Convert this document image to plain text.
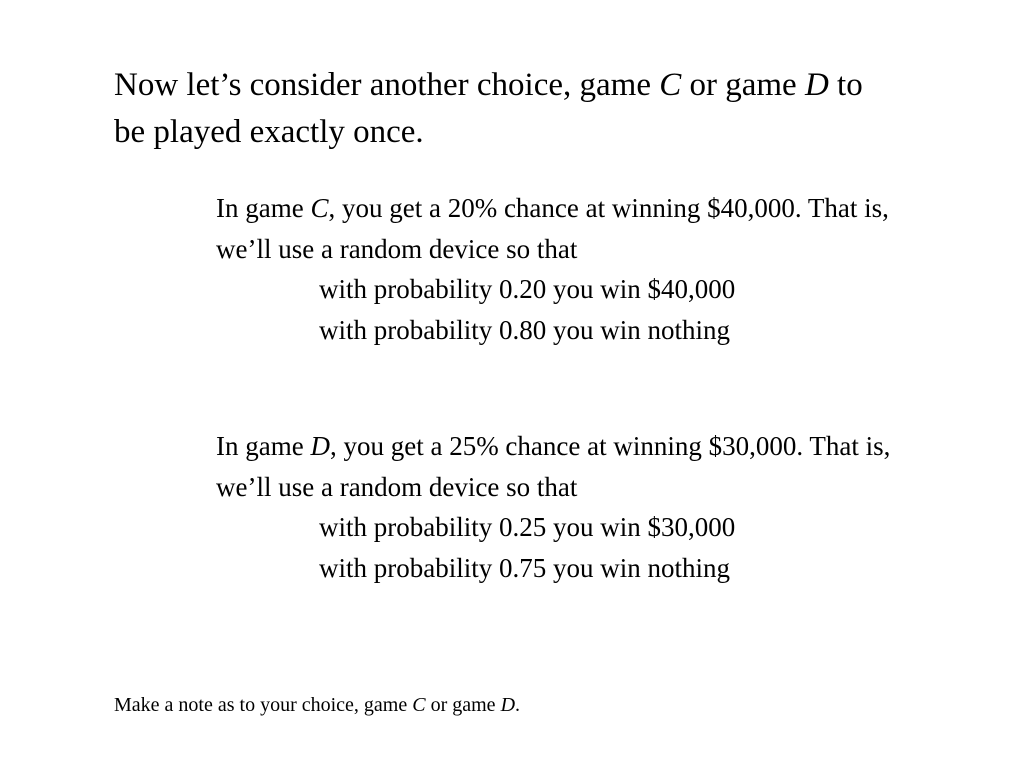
Now let’s consider another choice, game C or game D to be played exactly once.

In game C, you get a 20% chance at winning $40,000. That is, we’ll use a random device so that

with probability 0.20 you win $40,000

with probability 0.80 you win nothing

In game D, you get a 25% chance at winning $30,000. That is, we’ll use a random device so that

with probability 0.25 you win $30,000

with probability 0.75 you win nothing

Make a note as to your choice, game C or game D.
